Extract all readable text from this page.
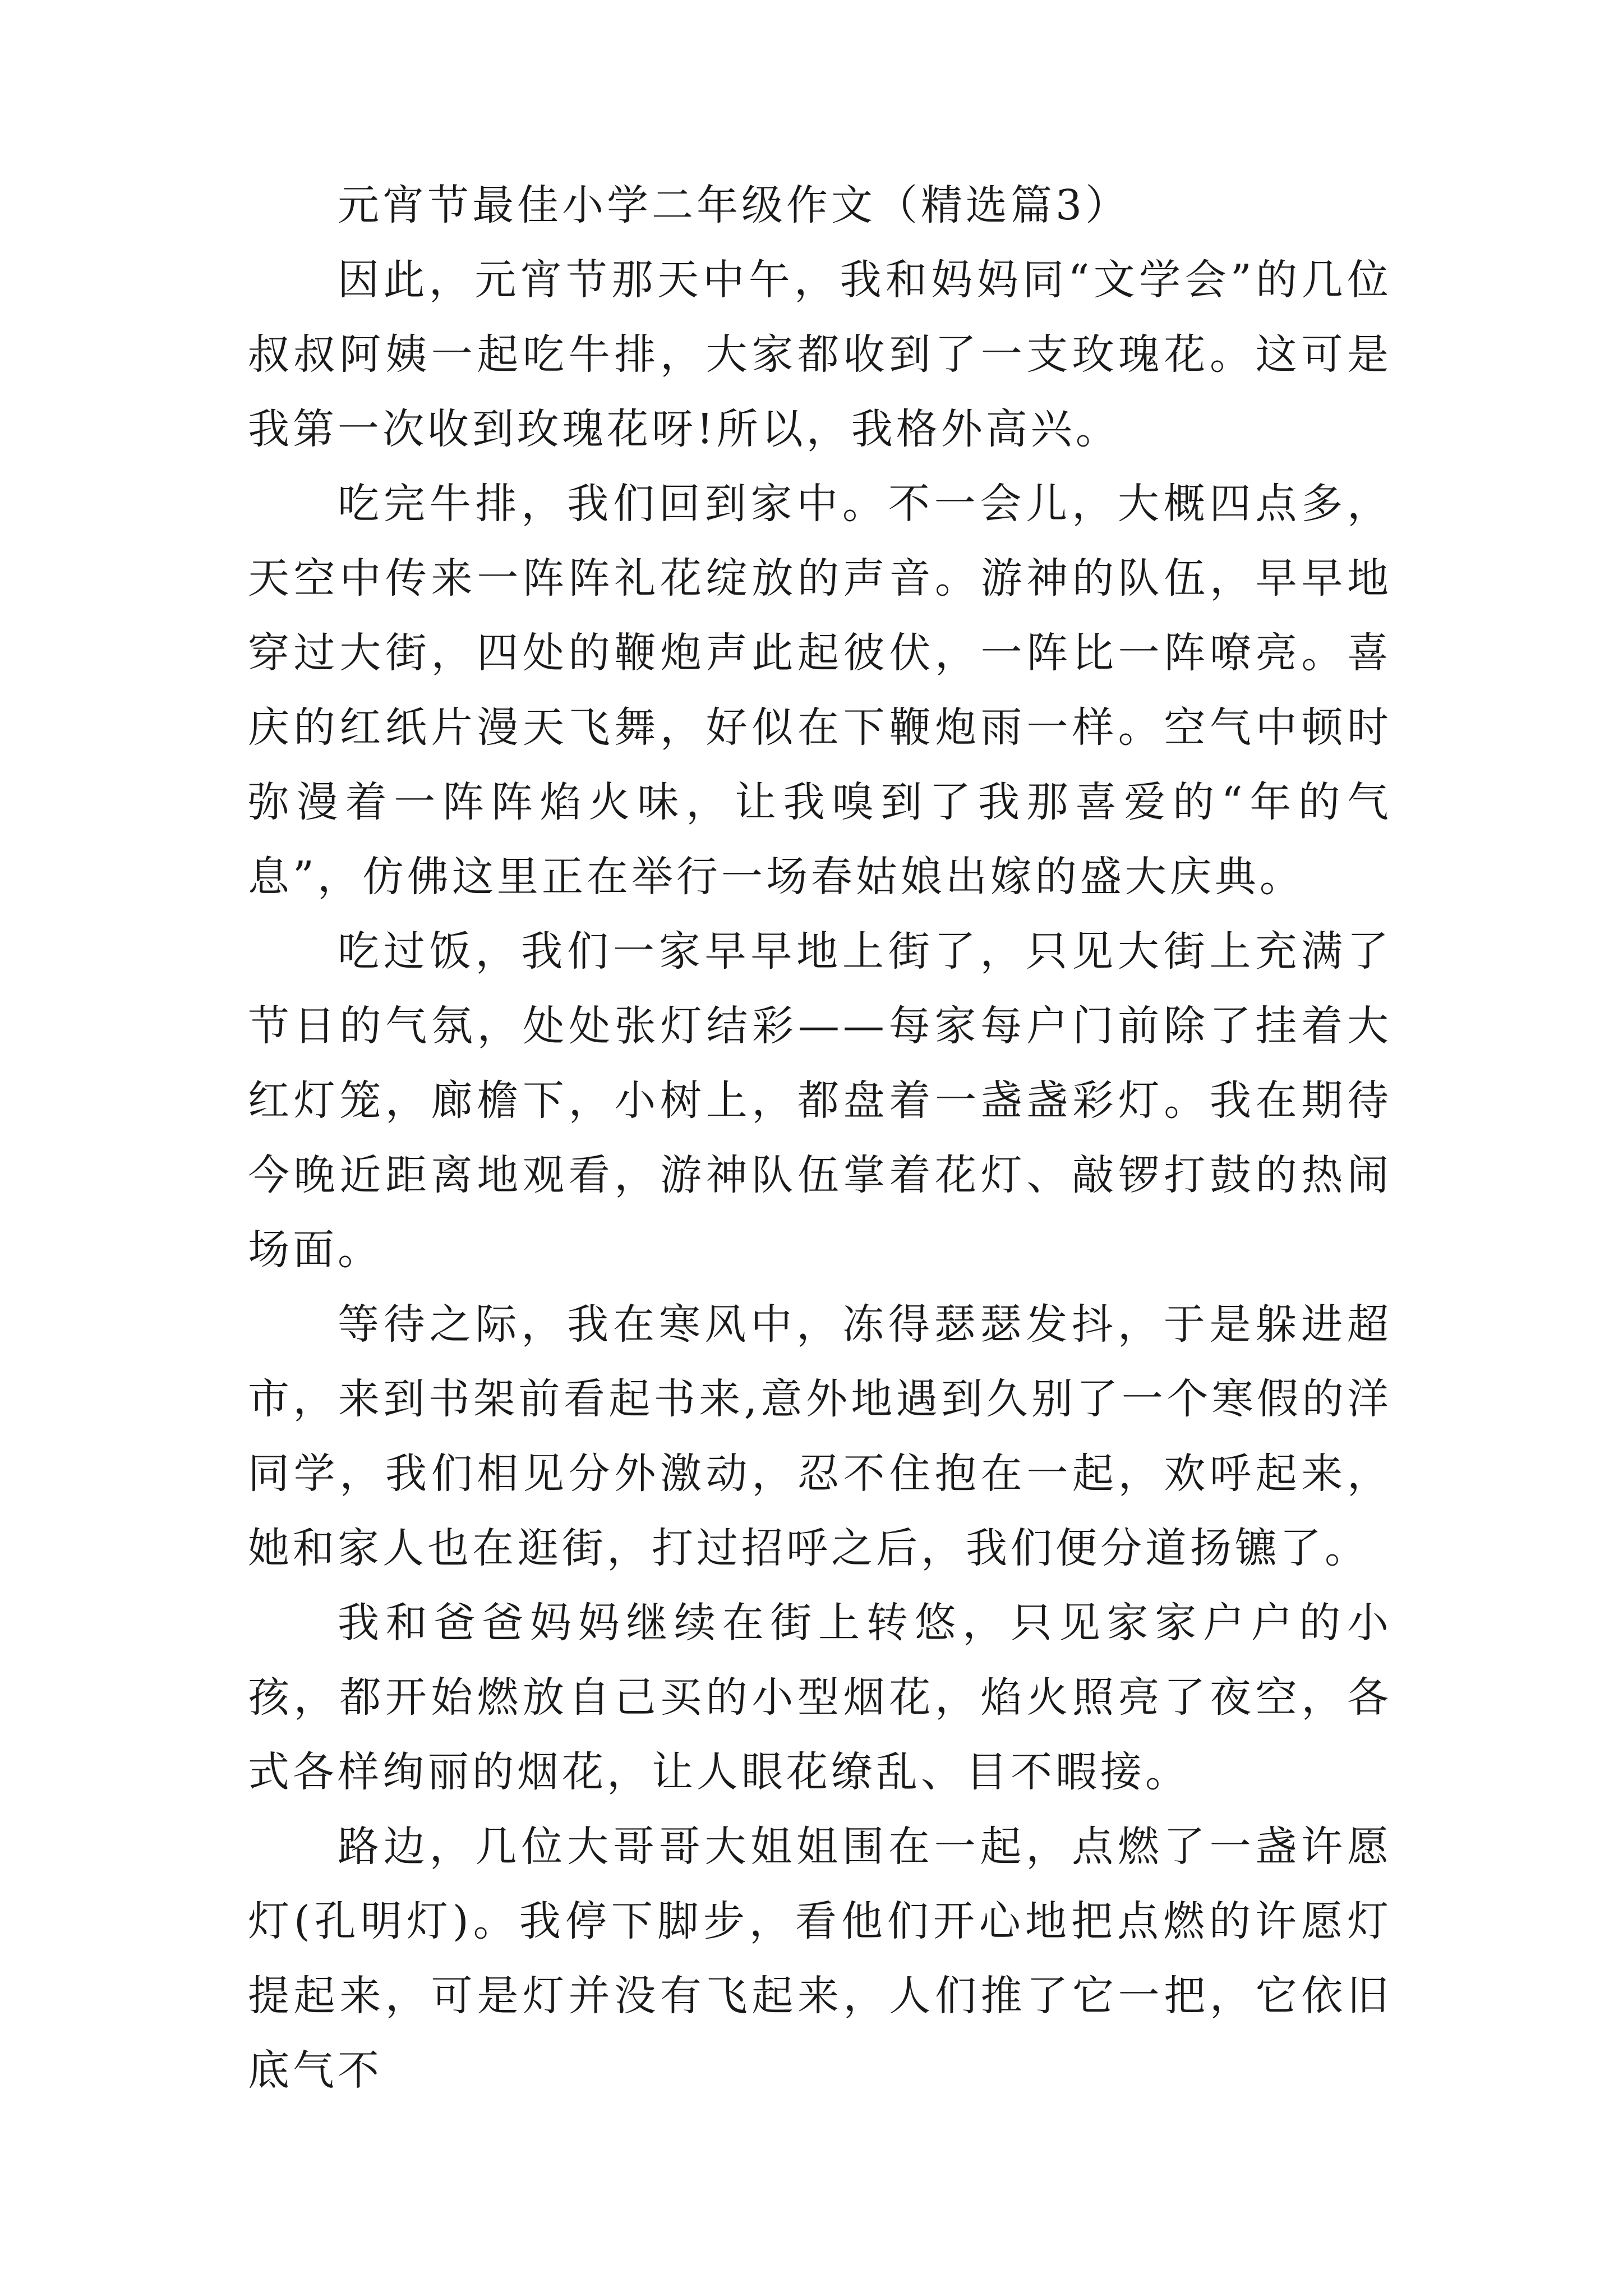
元宵节最佳小学二年级作文（精选篇3）

因此，元宵节那天中午，我和妈妈同“文学会”的几位叔叔阿姨一起吃牛排，大家都收到了一支玫瑰花。这可是我第一次收到玫瑰花呀!所以，我格外高兴。

吃完牛排，我们回到家中。不一会儿，大概四点多，天空中传来一阵阵礼花绽放的声音。游神的队伍，早早地穿过大街，四处的鞭炮声此起彼伏，一阵比一阵嘹亮。喜庆的红纸片漫天飞舞，好似在下鞭炮雨一样。空气中顿时弥漫着一阵阵焰火味，让我嗅到了我那喜爱的“年的气息”，仿佛这里正在举行一场春姑娘出嫁的盛大庆典。

吃过饭，我们一家早早地上街了，只见大街上充满了节日的气氛，处处张灯结彩——每家每户门前除了挂着大红灯笼，廊檐下，小树上，都盘着一盏盏彩灯。我在期待今晚近距离地观看，游神队伍掌着花灯、敲锣打鼓的热闹场面。

等待之际，我在寒风中，冻得瑟瑟发抖，于是躲进超市，来到书架前看起书来,意外地遇到久别了一个寒假的洋同学，我们相见分外激动，忍不住抱在一起，欢呼起来，她和家人也在逛街，打过招呼之后，我们便分道扬镳了。

我和爸爸妈妈继续在街上转悠，只见家家户户的小孩，都开始燃放自己买的小型烟花，焰火照亮了夜空，各式各样绚丽的烟花，让人眼花缭乱、目不暇接。

路边，几位大哥哥大姐姐围在一起，点燃了一盏许愿灯(孔明灯)。我停下脚步，看他们开心地把点燃的许愿灯提起来，可是灯并没有飞起来，人们推了它一把，它依旧底气不
